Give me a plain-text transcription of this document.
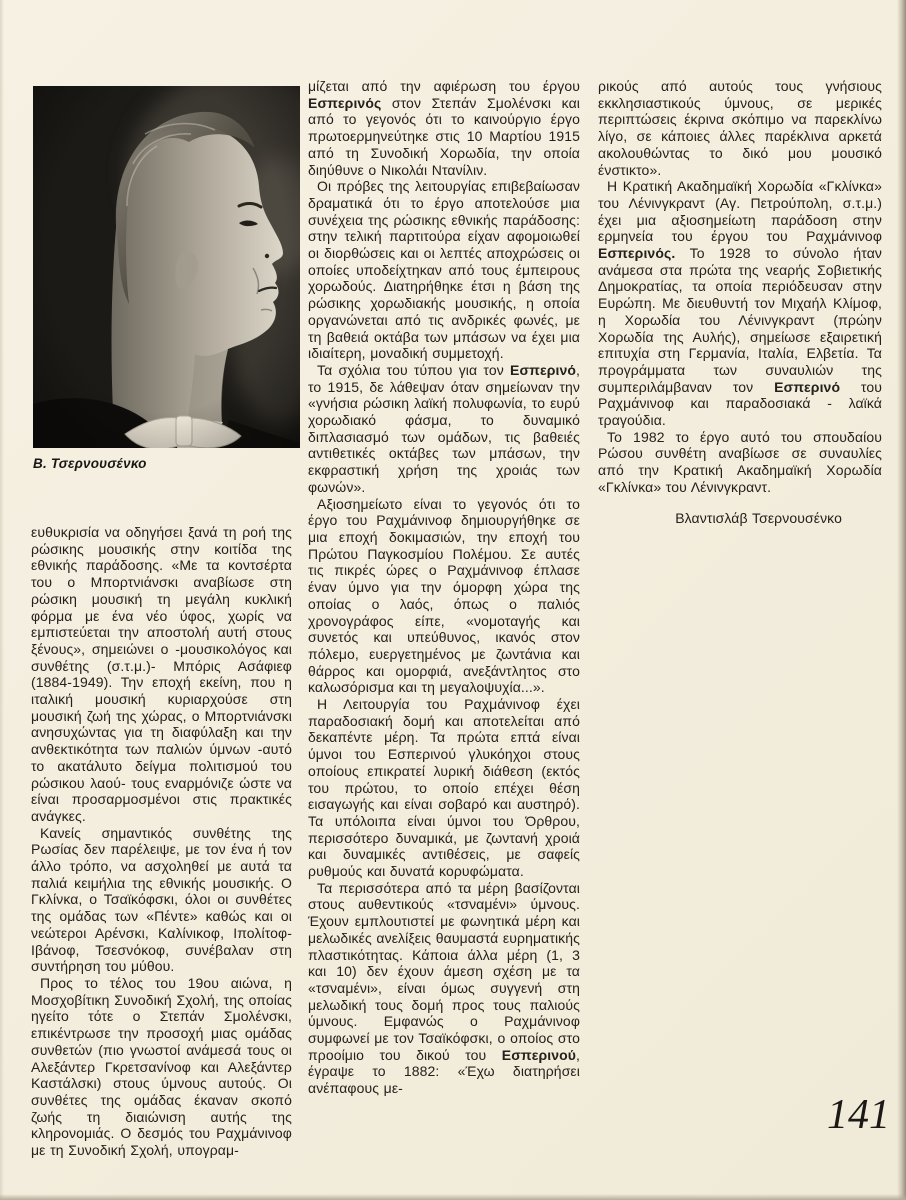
Β. Τσερνουσένκο

ευθυκρισία να οδηγήσει ξανά τη ροή της ρώσικης μουσικής στην κοιτίδα της εθνικής παράδοσης. «Με τα κοντσέρτα του ο Μπορτνιάνσκι αναβίωσε στη ρώσικη μουσική τη μεγάλη κυκλική φόρμα με ένα νέο ύφος, χωρίς να εμπιστεύεται την αποστολή αυτή στους ξένους», σημειώνει ο -μουσικολόγος και συνθέτης (σ.τ.μ.)- Μπόρις Ασάφιεφ (1884-1949). Την εποχή εκείνη, που η ιταλική μουσική κυριαρχούσε στη μουσική ζωή της χώρας, ο Μπορτνιάνσκι ανησυχώντας για τη διαφύλαξη και την ανθεκτικότητα των παλιών ύμνων -αυτό το ακατάλυτο δείγμα πολιτισμού του ρώσικου λαού- τους εναρμόνιζε ώστε να είναι προσαρμοσμένοι στις πρακτικές ανάγκες.

Κανείς σημαντικός συνθέτης της Ρωσίας δεν παρέλειψε, με τον ένα ή τον άλλο τρόπο, να ασχοληθεί με αυτά τα παλιά κειμήλια της εθνικής μουσικής. Ο Γκλίνκα, ο Τσαϊκόφσκι, όλοι οι συνθέτες της ομάδας των «Πέντε» καθώς και οι νεώτεροι Αρένσκι, Καλίνικοφ, Ιπολίτοφ-Ιβάνοφ, Τσεσνόκοφ, συνέβαλαν στη συντήρηση του μύθου.

Προς το τέλος του 19ου αιώνα, η Μοσχοβίτικη Συνοδική Σχολή, της οποίας ηγείτο τότε ο Στεπάν Σμολένσκι, επικέντρωσε την προσοχή μιας ομάδας συνθετών (πιο γνωστοί ανάμεσά τους οι Αλεξάντερ Γκρετσανίνοφ και Αλεξάντερ Καστάλσκι) στους ύμνους αυτούς. Οι συνθέτες της ομάδας έκαναν σκοπό ζωής τη διαιώνιση αυτής της κληρονομιάς. Ο δεσμός του Ραχμάνινοφ με τη Συνοδική Σχολή, υπογραμ-

μίζεται από την αφιέρωση του έργου Εσπερινός στον Στεπάν Σμολένσκι και από το γεγονός ότι το καινούργιο έργο πρωτοερμηνεύτηκε στις 10 Μαρτίου 1915 από τη Συνοδική Χορωδία, την οποία διηύθυνε ο Νικολάι Ντανίλιν.

Οι πρόβες της λειτουργίας επιβεβαίωσαν δραματικά ότι το έργο αποτελούσε μια συνέχεια της ρώσικης εθνικής παράδοσης: στην τελική παρτιτούρα είχαν αφομοιωθεί οι διορθώσεις και οι λεπτές αποχρώσεις οι οποίες υποδείχτηκαν από τους έμπειρους χορωδούς. Διατηρήθηκε έτσι η βάση της ρώσικης χορωδιακής μουσικής, η οποία οργανώνεται από τις ανδρικές φωνές, με τη βαθειά οκτάβα των μπάσων να έχει μια ιδιαίτερη, μοναδική συμμετοχή.

Τα σχόλια του τύπου για τον Εσπερινό, το 1915, δε λάθεψαν όταν σημείωναν την «γνήσια ρώσικη λαϊκή πολυφωνία, το ευρύ χορωδιακό φάσμα, το δυναμικό διπλασιασμό των ομάδων, τις βαθειές αντιθετικές οκτάβες των μπάσων, την εκφραστική χρήση της χροιάς των φωνών».

Αξιοσημείωτο είναι το γεγονός ότι το έργο του Ραχμάνινοφ δημιουργήθηκε σε μια εποχή δοκιμασιών, την εποχή του Πρώτου Παγκοσμίου Πολέμου. Σε αυτές τις πικρές ώρες ο Ραχμάνινοφ έπλασε έναν ύμνο για την όμορφη χώρα της οποίας ο λαός, όπως ο παλιός χρονογράφος είπε, «νομοταγής και συνετός και υπεύθυνος, ικανός στον πόλεμο, ευεργετημένος με ζωντάνια και θάρρος και ομορφιά, ανεξάντλητος στο καλωσόρισμα και τη μεγαλοψυχία...».

Η Λειτουργία του Ραχμάνινοφ έχει παραδοσιακή δομή και αποτελείται από δεκαπέντε μέρη. Τα πρώτα επτά είναι ύμνοι του Εσπερινού γλυκόηχοι στους οποίους επικρατεί λυρική διάθεση (εκτός του πρώτου, το οποίο επέχει θέση εισαγωγής και είναι σοβαρό και αυστηρό). Τα υπόλοιπα είναι ύμνοι του Όρθρου, περισσότερο δυναμικά, με ζωντανή χροιά και δυναμικές αντιθέσεις, με σαφείς ρυθμούς και δυνατά κορυφώματα.

Τα περισσότερα από τα μέρη βασίζονται στους αυθεντικούς «τσναμένι» ύμνους. Έχουν εμπλουτιστεί με φωνητικά μέρη και μελωδικές ανελίξεις θαυμαστά ευρηματικής πλαστικότητας. Κάποια άλλα μέρη (1, 3 και 10) δεν έχουν άμεση σχέση με τα «τσναμένι», είναι όμως συγγενή στη μελωδική τους δομή προς τους παλιούς ύμνους. Εμφανώς ο Ραχμάνινοφ συμφωνεί με τον Τσαϊκόφσκι, ο οποίος στο προοίμιο του δικού του Εσπερινού, έγραψε το 1882: «Έχω διατηρήσει ανέπαφους με-

ρικούς από αυτούς τους γνήσιους εκκλησιαστικούς ύμνους, σε μερικές περιπτώσεις έκρινα σκόπιμο να παρεκλίνω λίγο, σε κάποιες άλλες παρέκλινα αρκετά ακολουθώντας το δικό μου μουσικό ένστικτο».

Η Κρατική Ακαδημαϊκή Χορωδία «Γκλίνκα» του Λένινγκραντ (Αγ. Πετρούπολη, σ.τ.μ.) έχει μια αξιοσημείωτη παράδοση στην ερμηνεία του έργου του Ραχμάνινοφ Εσπερινός. Το 1928 το σύνολο ήταν ανάμεσα στα πρώτα της νεαρής Σοβιετικής Δημοκρατίας, τα οποία περιόδευσαν στην Ευρώπη. Με διευθυντή τον Μιχαήλ Κλίμοφ, η Χορωδία του Λένινγκραντ (πρώην Χορωδία της Αυλής), σημείωσε εξαιρετική επιτυχία στη Γερμανία, Ιταλία, Ελβετία. Τα προγράμματα των συναυλιών της συμπεριλάμβαναν τον Εσπερινό του Ραχμάνινοφ και παραδοσιακά - λαϊκά τραγούδια.

Το 1982 το έργο αυτό του σπουδαίου Ρώσου συνθέτη αναβίωσε σε συναυλίες από την Κρατική Ακαδημαϊκή Χορωδία «Γκλίνκα» του Λένινγκραντ.

Βλαντισλάβ Τσερνουσένκο
141
